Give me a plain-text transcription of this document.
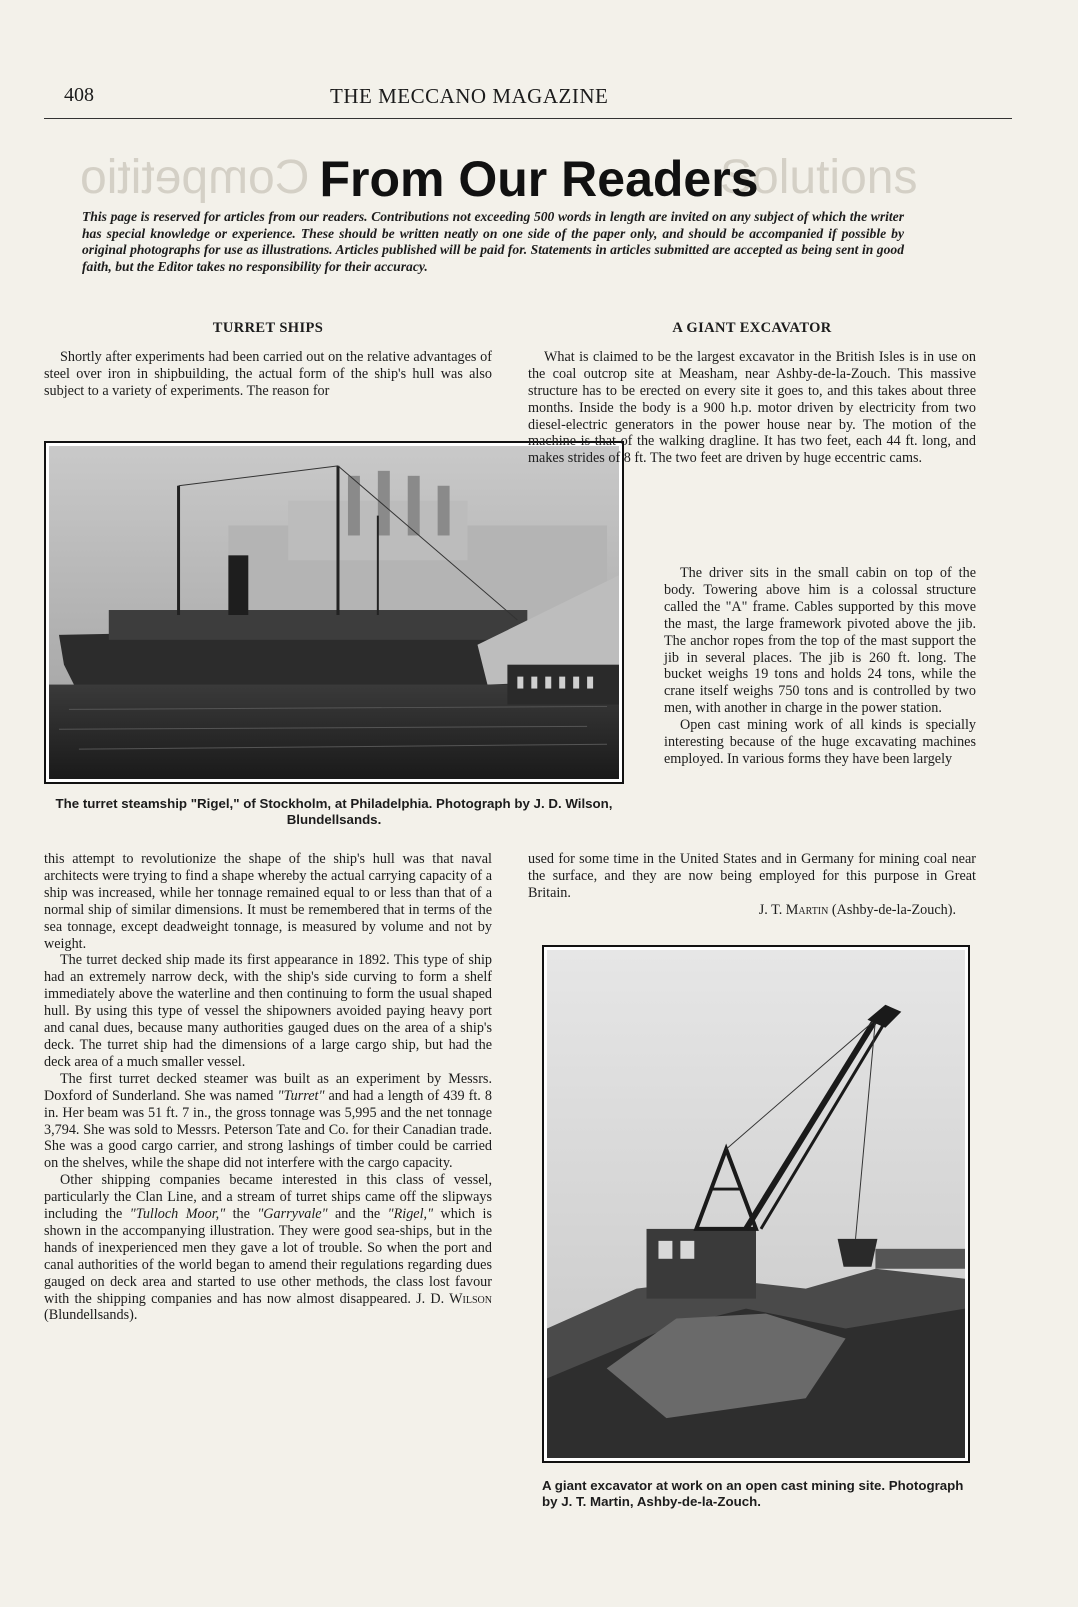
Competitio	Solutions
408	THE MECCANO MAGAZINE
From Our Readers
This page is reserved for articles from our readers. Contributions not exceeding 500 words in length are invited on any subject of which the writer has special knowledge or experience. These should be written neatly on one side of the paper only, and should be accompanied if possible by original photographs for use as illustrations. Articles published will be paid for. Statements in articles submitted are accepted as being sent in good faith, but the Editor takes no responsibility for their accuracy.
TURRET SHIPS

Shortly after experiments had been carried out on the relative advantages of steel over iron in shipbuilding, the actual form of the ship's hull was also subject to a variety of experiments. The reason for

The turret steamship "Rigel," of Stockholm, at Philadelphia. Photograph by J. D. Wilson, Blundellsands.

this attempt to revolutionize the shape of the ship's hull was that naval architects were trying to find a shape whereby the actual carrying capacity of a ship was increased, while her tonnage remained equal to or less than that of a normal ship of similar dimensions. It must be remembered that in terms of the sea tonnage, except deadweight tonnage, is measured by volume and not by weight.

The turret decked ship made its first appearance in 1892. This type of ship had an extremely narrow deck, with the ship's side curving to form a shelf immediately above the waterline and then continuing to form the usual shaped hull. By using this type of vessel the shipowners avoided paying heavy port and canal dues, because many authorities gauged dues on the area of a ship's deck. The turret ship had the dimensions of a large cargo ship, but had the deck area of a much smaller vessel.

The first turret decked steamer was built as an experiment by Messrs. Doxford of Sunderland. She was named "Turret" and had a length of 439 ft. 8 in. Her beam was 51 ft. 7 in., the gross tonnage was 5,995 and the net tonnage 3,794. She was sold to Messrs. Peterson Tate and Co. for their Canadian trade. She was a good cargo carrier, and strong lashings of timber could be carried on the shelves, while the shape did not interfere with the cargo capacity.

Other shipping companies became interested in this class of vessel, particularly the Clan Line, and a stream of turret ships came off the slipways including the "Tulloch Moor," the "Garryvale" and the "Rigel," which is shown in the accompanying illustration. They were good sea-ships, but in the hands of inexperienced men they gave a lot of trouble. So when the port and canal authorities of the world began to amend their regulations regarding dues gauged on deck area and started to use other methods, the class lost favour with the shipping companies and has now almost disappeared. J. D. Wilson (Blundellsands).

A GIANT EXCAVATOR

What is claimed to be the largest excavator in the British Isles is in use on the coal outcrop site at Measham, near Ashby-de-la-Zouch. This massive structure has to be erected on every site it goes to, and this takes about three months. Inside the body is a 900 h.p. motor driven by electricity from two diesel-electric generators in the power house near by. The motion of the machine is that of the walking dragline. It has two feet, each 44 ft. long, and makes strides of 8 ft. The two feet are driven by huge eccentric cams.

The driver sits in the small cabin on top of the body. Towering above him is a colossal structure called the "A" frame. Cables supported by this move the mast, the large framework pivoted above the jib. The anchor ropes from the top of the mast support the jib in several places. The jib is 260 ft. long. The bucket weighs 19 tons and holds 24 tons, while the crane itself weighs 750 tons and is controlled by two men, with another in charge in the power station.

Open cast mining work of all kinds is specially interesting because of the huge excavating machines employed. In various forms they have been largely

used for some time in the United States and in Germany for mining coal near the surface, and they are now being employed for this purpose in Great Britain.

J. T. Martin (Ashby-de-la-Zouch).
A giant excavator at work on an open cast mining site. Photograph by J. T. Martin, Ashby-de-la-Zouch.
